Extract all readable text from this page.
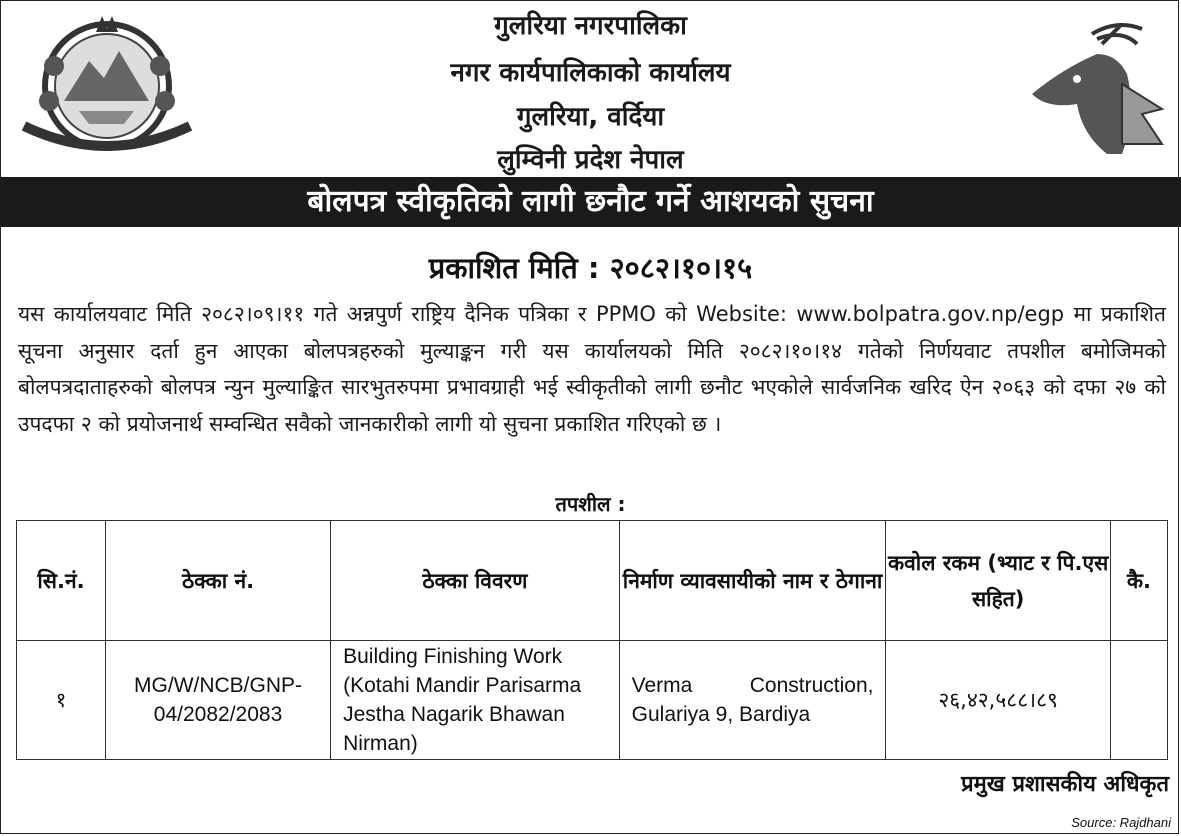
गुलरिया नगरपालिका
नगर कार्यपालिकाको कार्यालय
गुलरिया, वर्दिया
लुम्विनी प्रदेश नेपाल
बोलपत्र स्वीकृतिको लागी छनौट गर्ने आशयको सुचना
प्रकाशित मिति : २०८२।१०।१५
यस कार्यालयवाट मिति २०८२।०९।११ गते अन्नपुर्ण राष्ट्रिय दैनिक पत्रिका र PPMO को Website: www.bolpatra.gov.np/egp मा प्रकाशित सूचना अनुसार दर्ता हुन आएका बोलपत्रहरुको मुल्याङ्कन गरी यस कार्यालयको मिति २०८२।१०।१४ गतेको निर्णयवाट तपशील बमोजिमको बोलपत्रदाताहरुको बोलपत्र न्युन मुल्याङ्कित सारभुतरुपमा प्रभावग्राही भई स्वीकृतीको लागी छनौट भएकोले सार्वजनिक खरिद ऐन २०६३ को दफा २७ को उपदफा २ को प्रयोजनार्थ सम्वन्धित सवैको जानकारीको लागी यो सुचना प्रकाशित गरिएको छ ।
तपशील :
सि.नं.	ठेक्का नं.	ठेक्का विवरण	निर्माण व्यावसायीको नाम र ठेगाना	कवोल रकम (भ्याट र पि.एस सहित)	कै.
१	MG/W/NCB/GNP-04/2082/2083	Building Finishing Work (Kotahi Mandir Parisarma Jestha Nagarik Bhawan Nirman)	Verma Construction, Gulariya 9, Bardiya	२६,४२,५८८।८९	
प्रमुख प्रशासकीय अधिकृत
Source: Rajdhani
